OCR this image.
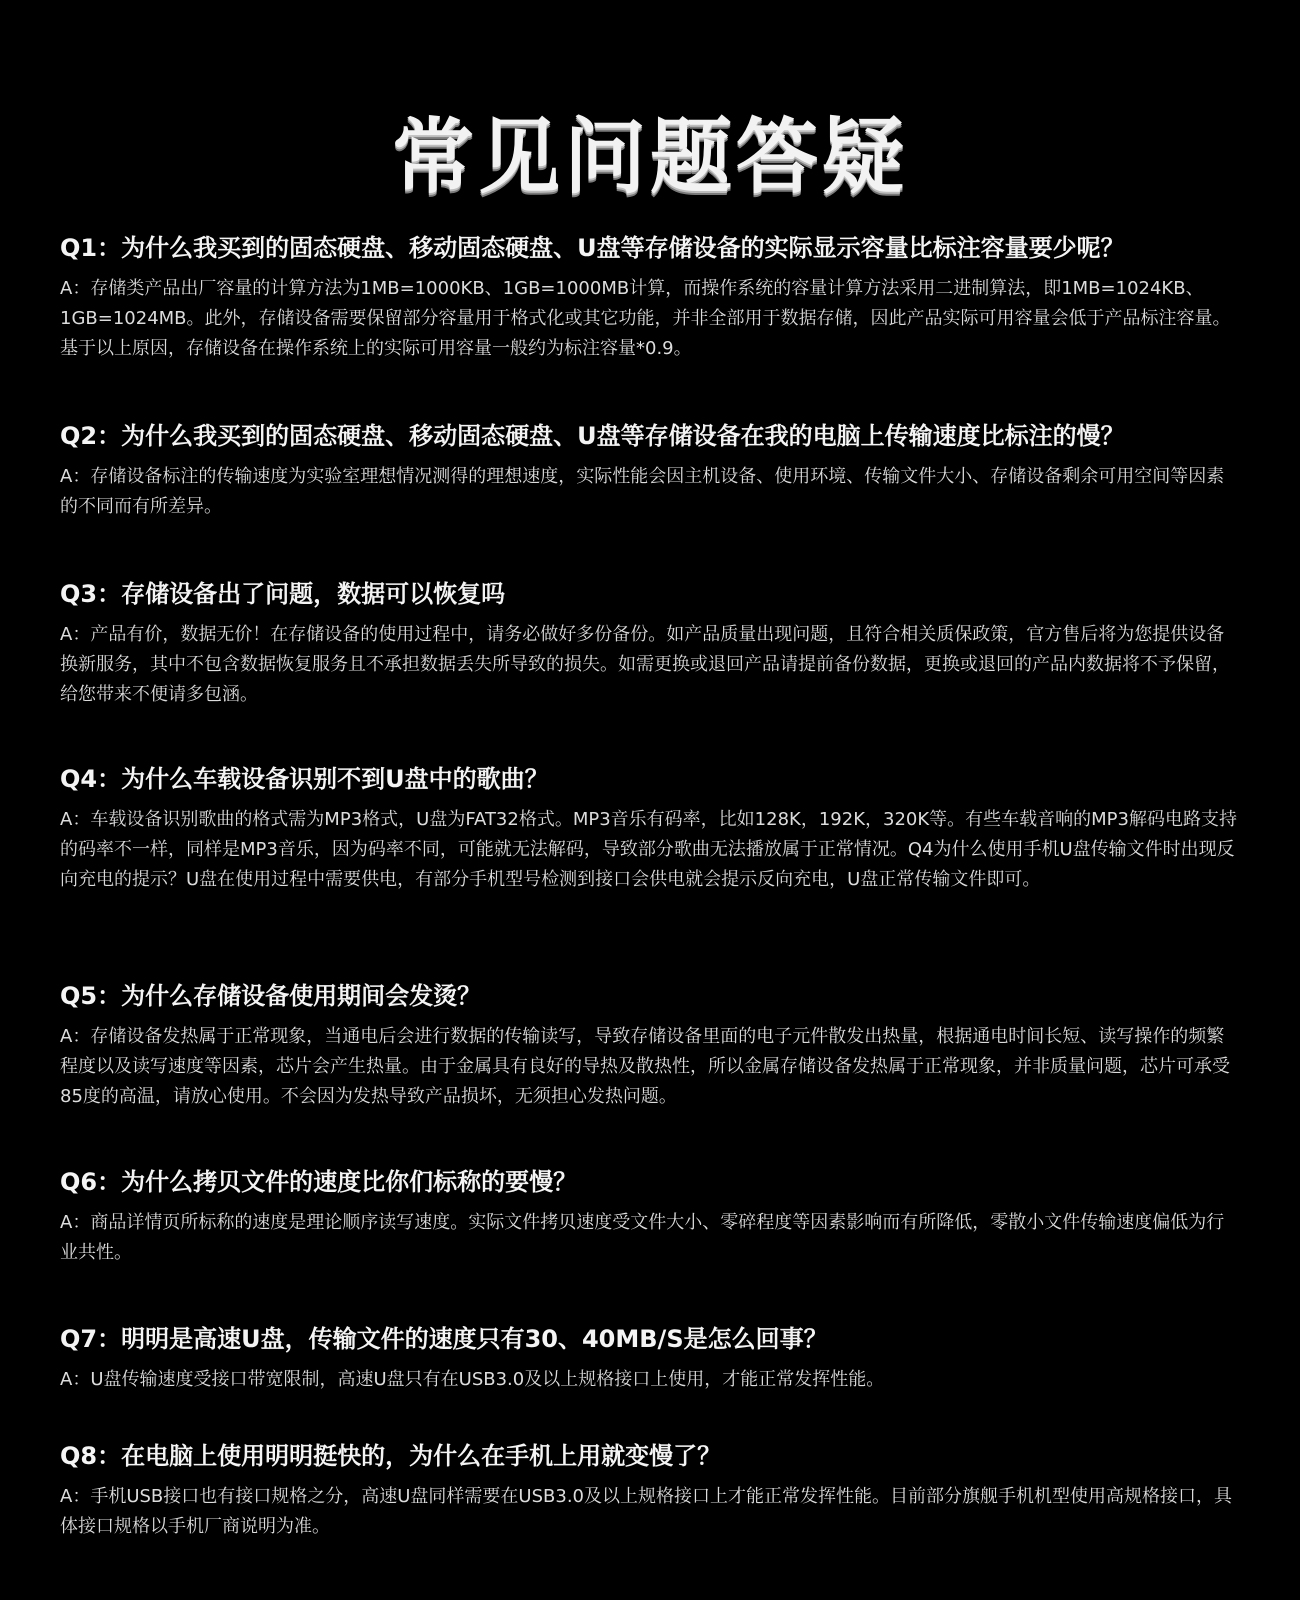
常见问题答疑
Q1：为什么我买到的固态硬盘、移动固态硬盘、U盘等存储设备的实际显示容量比标注容量要少呢？

A：存储类产品出厂容量的计算方法为1MB=1000KB、1GB=1000MB计算，而操作系统的容量计算方法采用二进制算法，即1MB=1024KB、1GB=1024MB。此外，存储设备需要保留部分容量用于格式化或其它功能，并非全部用于数据存储，因此产品实际可用容量会低于产品标注容量。基于以上原因，存储设备在操作系统上的实际可用容量一般约为标注容量*0.9。

Q2：为什么我买到的固态硬盘、移动固态硬盘、U盘等存储设备在我的电脑上传输速度比标注的慢？

A：存储设备标注的传输速度为实验室理想情况测得的理想速度，实际性能会因主机设备、使用环境、传输文件大小、存储设备剩余可用空间等因素的不同而有所差异。

Q3：存储设备出了问题，数据可以恢复吗

A：产品有价，数据无价！在存储设备的使用过程中，请务必做好多份备份。如产品质量出现问题，且符合相关质保政策，官方售后将为您提供设备换新服务，其中不包含数据恢复服务且不承担数据丢失所导致的损失。如需更换或退回产品请提前备份数据，更换或退回的产品内数据将不予保留，给您带来不便请多包涵。

Q4：为什么车载设备识别不到U盘中的歌曲？

A：车载设备识别歌曲的格式需为MP3格式，U盘为FAT32格式。MP3音乐有码率，比如128K，192K，320K等。有些车载音响的MP3解码电路支持的码率不一样，同样是MP3音乐，因为码率不同，可能就无法解码，导致部分歌曲无法播放属于正常情况。Q4为什么使用手机U盘传输文件时出现反向充电的提示？U盘在使用过程中需要供电，有部分手机型号检测到接口会供电就会提示反向充电，U盘正常传输文件即可。

Q5：为什么存储设备使用期间会发烫？

A：存储设备发热属于正常现象，当通电后会进行数据的传输读写，导致存储设备里面的电子元件散发出热量，根据通电时间长短、读写操作的频繁程度以及读写速度等因素，芯片会产生热量。由于金属具有良好的导热及散热性，所以金属存储设备发热属于正常现象，并非质量问题，芯片可承受85度的高温，请放心使用。不会因为发热导致产品损坏，无须担心发热问题。

Q6：为什么拷贝文件的速度比你们标称的要慢？

A：商品详情页所标称的速度是理论顺序读写速度。实际文件拷贝速度受文件大小、零碎程度等因素影响而有所降低，零散小文件传输速度偏低为行业共性。

Q7：明明是高速U盘，传输文件的速度只有30、40MB/S是怎么回事？

A：U盘传输速度受接口带宽限制，高速U盘只有在USB3.0及以上规格接口上使用，才能正常发挥性能。

Q8：在电脑上使用明明挺快的，为什么在手机上用就变慢了？

A：手机USB接口也有接口规格之分，高速U盘同样需要在USB3.0及以上规格接口上才能正常发挥性能。目前部分旗舰手机机型使用高规格接口，具体接口规格以手机厂商说明为准。
